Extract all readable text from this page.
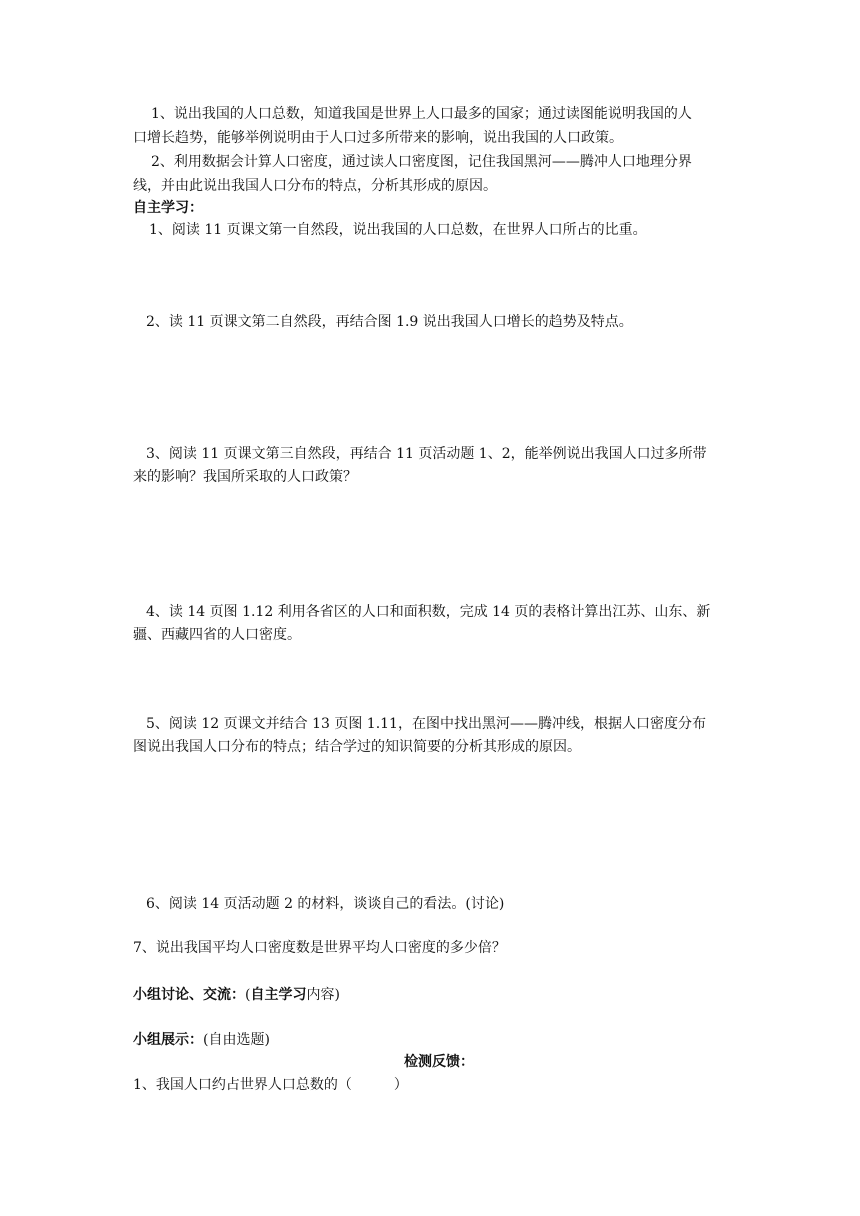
1、说出我国的人口总数，知道我国是世界上人口最多的国家；通过读图能说明我国的人
口增长趋势，能够举例说明由于人口过多所带来的影响，说出我国的人口政策。
2、利用数据会计算人口密度，通过读人口密度图，记住我国黑河——腾冲人口地理分界
线，并由此说出我国人口分布的特点，分析其形成的原因。
自主学习：
1、阅读 11 页课文第一自然段，说出我国的人口总数，在世界人口所占的比重。
2、读 11 页课文第二自然段，再结合图 1.9 说出我国人口增长的趋势及特点。
3、阅读 11 页课文第三自然段，再结合 11 页活动题 1、2，能举例说出我国人口过多所带
来的影响？我国所采取的人口政策？
4、读 14 页图 1.12 利用各省区的人口和面积数，完成 14 页的表格计算出江苏、山东、新
疆、西藏四省的人口密度。
5、阅读 12 页课文并结合 13 页图 1.11，在图中找出黑河——腾冲线，根据人口密度分布
图说出我国人口分布的特点；结合学过的知识简要的分析其形成的原因。
6、阅读 14 页活动题 2 的材料，谈谈自己的看法。(讨论)
7、说出我国平均人口密度数是世界平均人口密度的多少倍？
小组讨论、交流：(自主学习内容)
小组展示：(自由选题)
检测反馈：
1、我国人口约占世界人口总数的（　　　）
